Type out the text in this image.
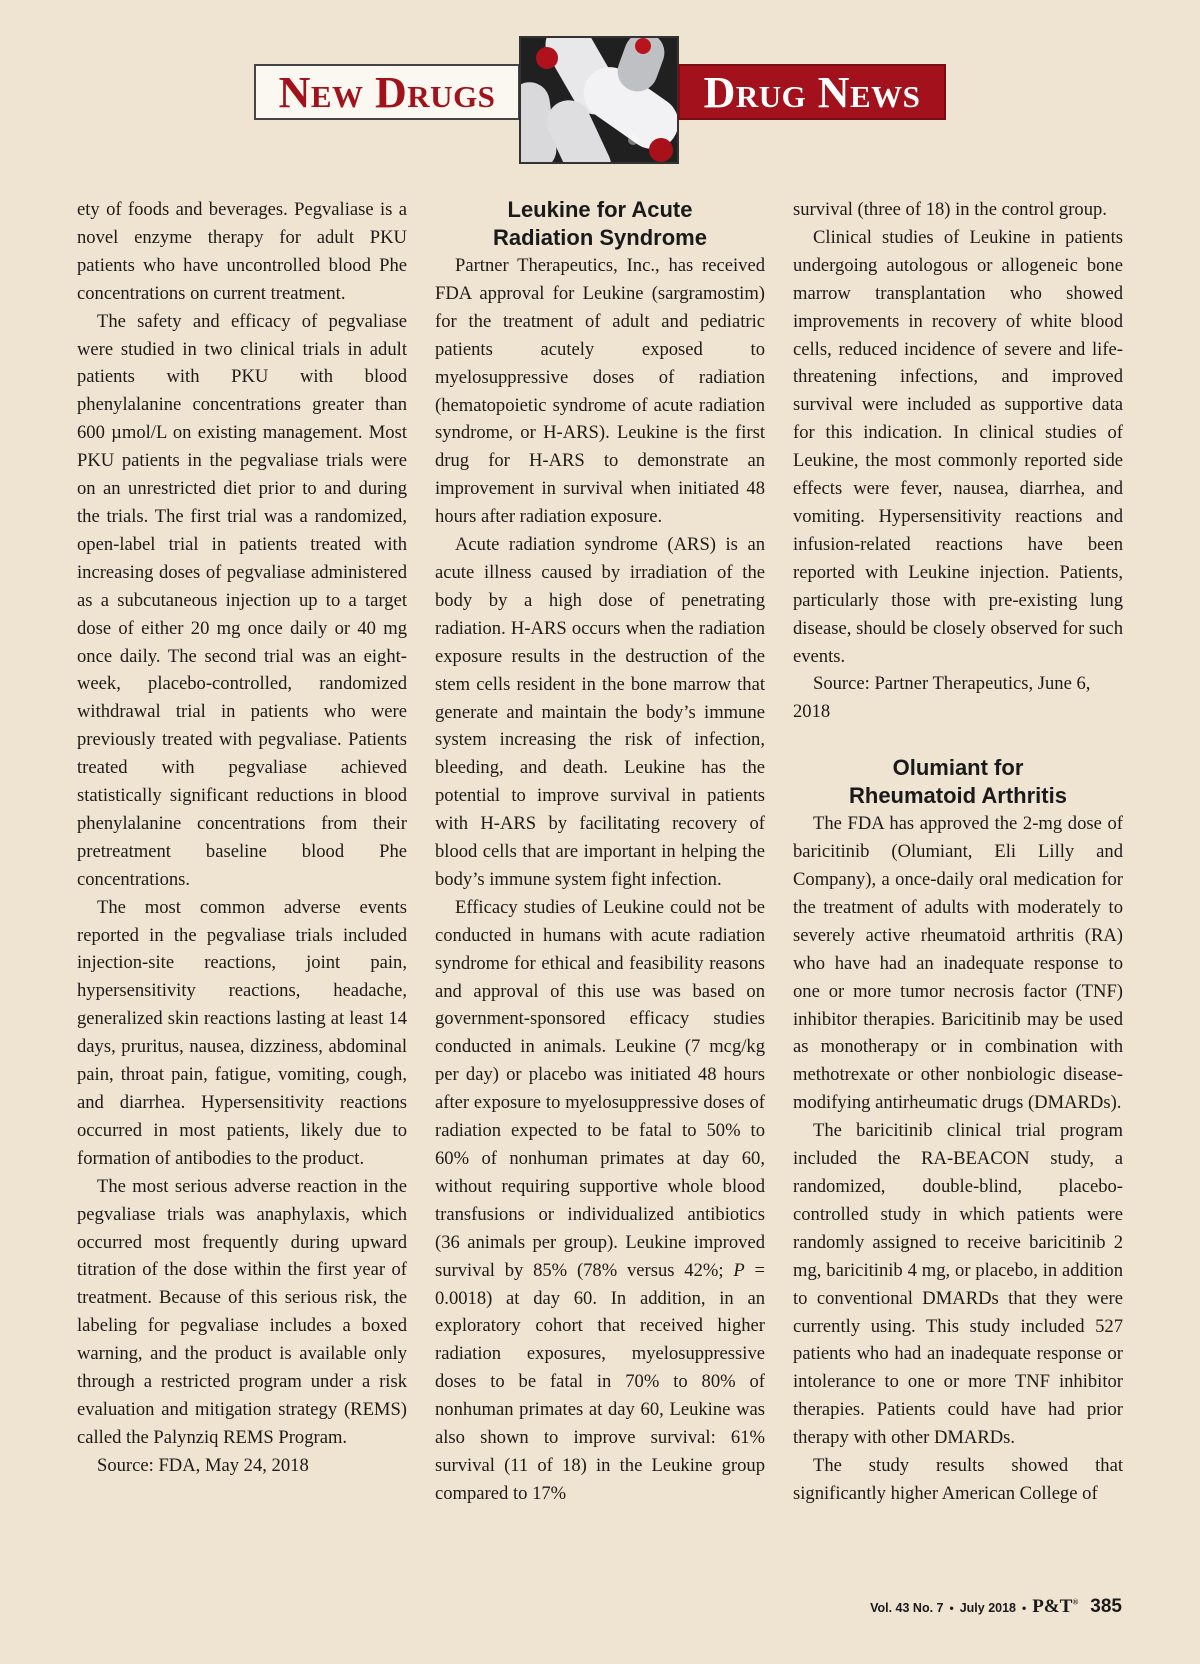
New Drugs	Drug News

ety of foods and beverages. Pegvaliase is a novel enzyme therapy for adult PKU patients who have uncontrolled blood Phe concentrations on current treatment.

The safety and efficacy of pegvaliase were studied in two clinical trials in adult patients with PKU with blood phenylalanine concentrations greater than 600 µmol/L on existing management. Most PKU patients in the pegvaliase trials were on an unrestricted diet prior to and during the trials. The first trial was a randomized, open-label trial in patients treated with increasing doses of pegvaliase administered as a subcutaneous injection up to a target dose of either 20 mg once daily or 40 mg once daily. The second trial was an eight-week, placebo-controlled, randomized withdrawal trial in patients who were previously treated with pegvaliase. Patients treated with pegvaliase achieved statistically significant reductions in blood phenylalanine concentrations from their pretreatment baseline blood Phe concentrations.

The most common adverse events reported in the pegvaliase trials included injection-site reactions, joint pain, hypersensitivity reactions, headache, generalized skin reactions lasting at least 14 days, pruritus, nausea, dizziness, abdominal pain, throat pain, fatigue, vomiting, cough, and diarrhea. Hypersensitivity reactions occurred in most patients, likely due to formation of antibodies to the product.

The most serious adverse reaction in the pegvaliase trials was anaphylaxis, which occurred most frequently during upward titration of the dose within the first year of treatment. Because of this serious risk, the labeling for pegvaliase includes a boxed warning, and the product is available only through a restricted program under a risk evaluation and mitigation strategy (REMS) called the Palynziq REMS Program.

Source: FDA, May 24, 2018

Leukine for Acute
Radiation Syndrome

Partner Therapeutics, Inc., has received FDA approval for Leukine (sargramostim) for the treatment of adult and pediatric patients acutely exposed to myelosuppressive doses of radiation (hematopoietic syndrome of acute radiation syndrome, or H-ARS). Leukine is the first drug for H-ARS to demonstrate an improvement in survival when initiated 48 hours after radiation exposure.

Acute radiation syndrome (ARS) is an acute illness caused by irradiation of the body by a high dose of penetrating radiation. H-ARS occurs when the radiation exposure results in the destruction of the stem cells resident in the bone marrow that generate and maintain the body’s immune system increasing the risk of infection, bleeding, and death. Leukine has the potential to improve survival in patients with H-ARS by facilitating recovery of blood cells that are important in helping the body’s immune system fight infection.

Efficacy studies of Leukine could not be conducted in humans with acute radiation syndrome for ethical and feasibility reasons and approval of this use was based on government-sponsored efficacy studies conducted in animals. Leukine (7 mcg/kg per day) or placebo was initiated 48 hours after exposure to myelosuppressive doses of radiation expected to be fatal to 50% to 60% of nonhuman primates at day 60, without requiring supportive whole blood transfusions or individualized antibiotics (36 animals per group). Leukine improved survival by 85% (78% versus 42%; P = 0.0018) at day 60. In addition, in an exploratory cohort that received higher radiation exposures, myelosuppressive doses to be fatal in 70% to 80% of nonhuman primates at day 60, Leukine was also shown to improve survival: 61% survival (11 of 18) in the Leukine group compared to 17%

survival (three of 18) in the control group.

Clinical studies of Leukine in patients undergoing autologous or allogeneic bone marrow transplantation who showed improvements in recovery of white blood cells, reduced incidence of severe and life-threatening infections, and improved survival were included as supportive data for this indication. In clinical studies of Leukine, the most commonly reported side effects were fever, nausea, diarrhea, and vomiting. Hypersensitivity reactions and infusion-related reactions have been reported with Leukine injection. Patients, particularly those with pre-existing lung disease, should be closely observed for such events.

Source: Partner Therapeutics, June 6, 2018

Olumiant for
Rheumatoid Arthritis

The FDA has approved the 2-mg dose of baricitinib (Olumiant, Eli Lilly and Company), a once-daily oral medication for the treatment of adults with moderately to severely active rheumatoid arthritis (RA) who have had an inadequate response to one or more tumor necrosis factor (TNF) inhibitor therapies. Baricitinib may be used as monotherapy or in combination with methotrexate or other nonbiologic disease-modifying antirheumatic drugs (DMARDs).

The baricitinib clinical trial program included the RA-BEACON study, a randomized, double-blind, placebo-controlled study in which patients were randomly assigned to receive baricitinib 2 mg, baricitinib 4 mg, or placebo, in addition to conventional DMARDs that they were currently using. This study included 527 patients who had an inadequate response or intolerance to one or more TNF inhibitor therapies. Patients could have had prior therapy with other DMARDs.

The study results showed that significantly higher American College of

Vol. 43 No. 7 • July 2018 • P&T® 385
